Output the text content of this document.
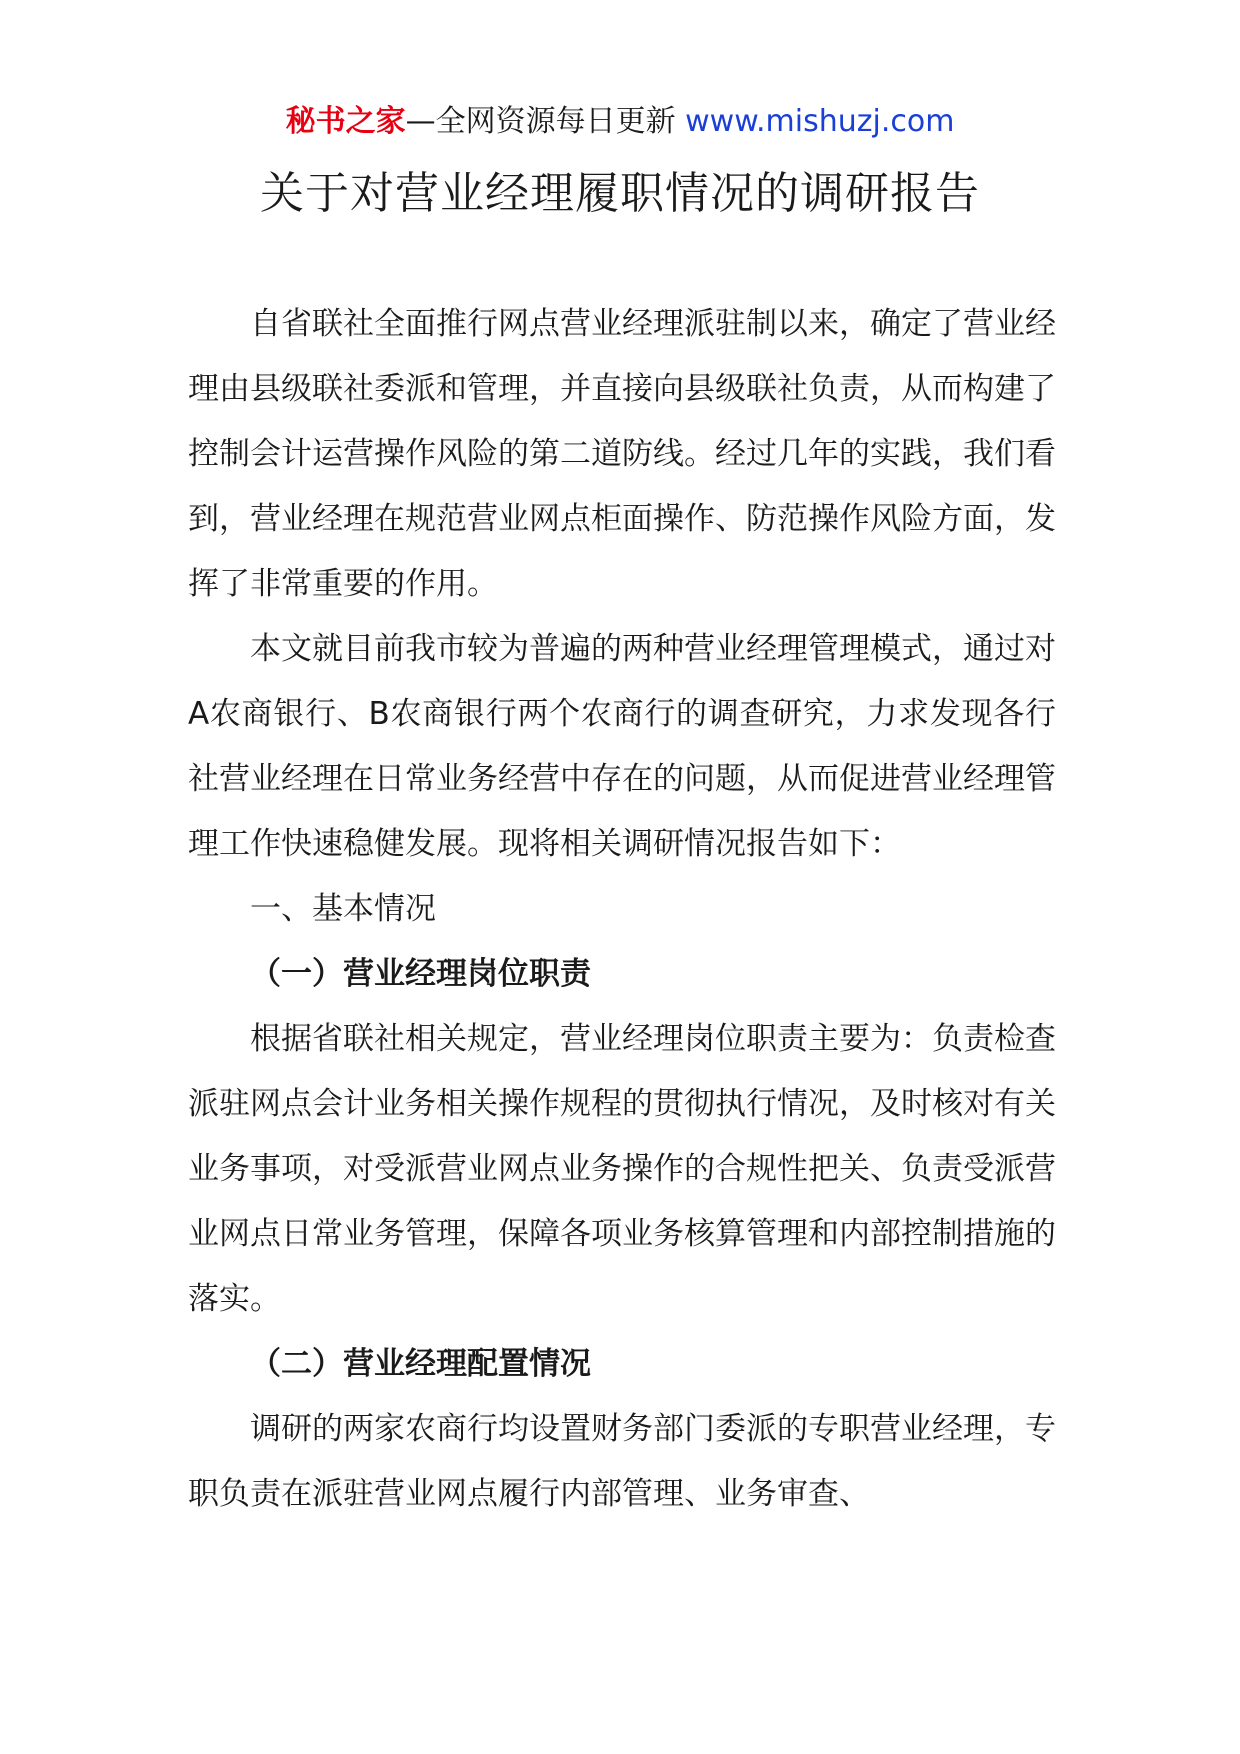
秘书之家—全网资源每日更新 www.mishuzj.com
关于对营业经理履职情况的调研报告

自省联社全面推行网点营业经理派驻制以来，确定了营业经理由县级联社委派和管理，并直接向县级联社负责，从而构建了控制会计运营操作风险的第二道防线。经过几年的实践，我们看到，营业经理在规范营业网点柜面操作、防范操作风险方面，发挥了非常重要的作用。

本文就目前我市较为普遍的两种营业经理管理模式，通过对A农商银行、B农商银行两个农商行的调查研究，力求发现各行社营业经理在日常业务经营中存在的问题，从而促进营业经理管理工作快速稳健发展。现将相关调研情况报告如下：

一、基本情况

（一）营业经理岗位职责

根据省联社相关规定，营业经理岗位职责主要为：负责检查派驻网点会计业务相关操作规程的贯彻执行情况，及时核对有关业务事项，对受派营业网点业务操作的合规性把关、负责受派营业网点日常业务管理，保障各项业务核算管理和内部控制措施的落实。

（二）营业经理配置情况

调研的两家农商行均设置财务部门委派的专职营业经理，专职负责在派驻营业网点履行内部管理、业务审查、
